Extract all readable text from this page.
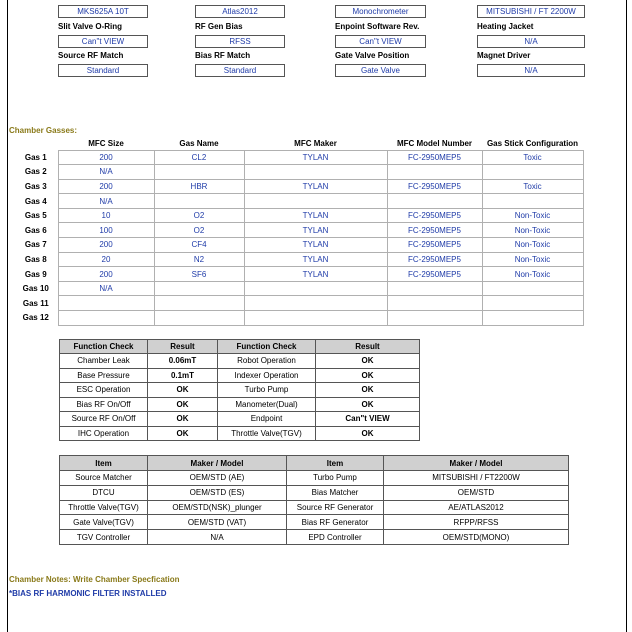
MKS625A 10T	Atlas2012	Monochrometer	MITSUBISHI / FT 2200W
Slit Valve O-Ring	RF Gen Bias	Enpoint Software Rev.	Heating Jacket
Can"t VIEW	RFSS	Can"t VIEW	N/A
Source RF Match	Bias RF Match	Gate Valve Position	Magnet Driver
Standard	Standard	Gate Valve	N/A
Chamber Gasses:
	MFC Size	Gas Name	MFC Maker	MFC Model Number	Gas Stick Configuration
Gas 1	200	CL2	TYLAN	FC-2950MEP5	Toxic
Gas 2	N/A				
Gas 3	200	HBR	TYLAN	FC-2950MEP5	Toxic
Gas 4	N/A				
Gas 5	10	O2	TYLAN	FC-2950MEP5	Non-Toxic
Gas 6	100	O2	TYLAN	FC-2950MEP5	Non-Toxic
Gas 7	200	CF4	TYLAN	FC-2950MEP5	Non-Toxic
Gas 8	20	N2	TYLAN	FC-2950MEP5	Non-Toxic
Gas 9	200	SF6	TYLAN	FC-2950MEP5	Non-Toxic
Gas 10	N/A				
Gas 11					
Gas 12					
Function Check	Result	Function Check	Result
Chamber Leak	0.06mT	Robot Operation	OK
Base Pressure	0.1mT	Indexer Operation	OK
ESC Operation	OK	Turbo Pump	OK
Bias RF On/Off	OK	Manometer(Dual)	OK
Source RF On/Off	OK	Endpoint	Can"t VIEW
IHC Operation	OK	Throttle Valve(TGV)	OK
Item	Maker / Model	Item	Maker / Model
Source Matcher	OEM/STD (AE)	Turbo Pump	MITSUBISHI / FT2200W
DTCU	OEM/STD (ES)	Bias Matcher	OEM/STD
Throttle Valve(TGV)	OEM/STD(NSK)_plunger	Source RF Generator	AE/ATLAS2012
Gate Valve(TGV)	OEM/STD (VAT)	Bias RF Generator	RFPP/RFSS
TGV Controller	N/A	EPD Controller	OEM/STD(MONO)
Chamber Notes: Write Chamber Specfication
*BIAS RF HARMONIC FILTER INSTALLED
